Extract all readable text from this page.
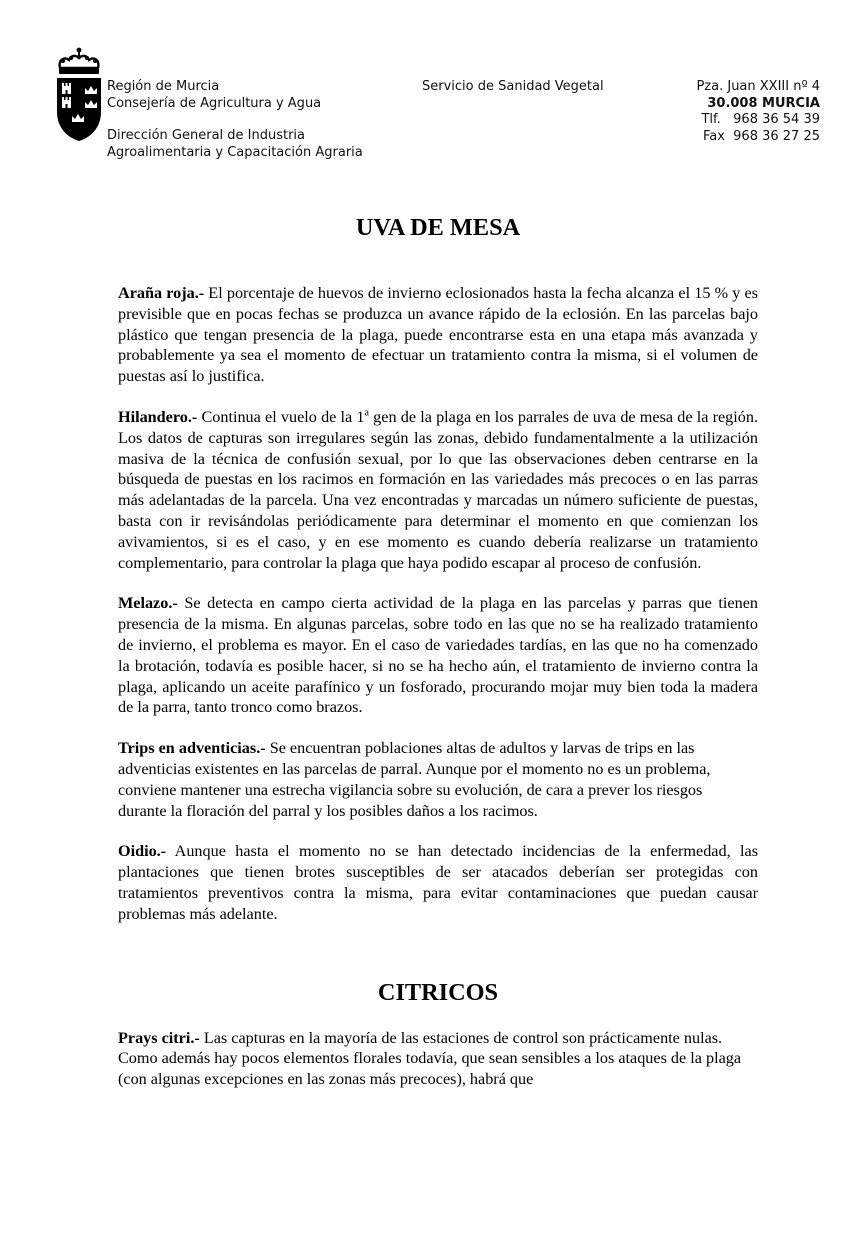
Región de Murcia
Consejería de Agricultura y Agua
Dirección General de Industria
Agroalimentaria y Capacitación Agraria
Servicio de Sanidad Vegetal	Pza. Juan XXIII nº 4
30.008 MURCIA
Tlf.   968 36 54 39
Fax  968 36 27 25
UVA DE MESA

Araña roja.- El porcentaje de huevos de invierno eclosionados hasta la fecha alcanza el 15 % y es previsible que en pocas fechas se produzca un avance rápido de la eclosión. En las parcelas bajo plástico que tengan presencia de la plaga, puede encontrarse esta en una etapa más avanzada y probablemente ya sea el momento de efectuar un tratamiento contra la misma, si el volumen de puestas así lo justifica.

Hilandero.- Continua el vuelo de la 1$^a$ gen de la plaga en los parrales de uva de mesa de la región. Los datos de capturas son irregulares según las zonas, debido fundamentalmente a la utilización masiva de la técnica de confusión sexual, por lo que las observaciones deben centrarse en la búsqueda de puestas en los racimos en formación en las variedades más precoces o en las parras más adelantadas de la parcela. Una vez encontradas y marcadas un número suficiente de puestas, basta con ir revisándolas periódicamente para determinar el momento en que comienzan los avivamientos, si es el caso, y en ese momento es cuando debería realizarse un tratamiento complementario, para controlar la plaga que haya podido escapar al proceso de confusión.

Melazo.- Se detecta en campo cierta actividad de la plaga en las parcelas y parras que tienen presencia de la misma. En algunas parcelas, sobre todo en las que no se ha realizado tratamiento de invierno, el problema es mayor. En el caso de variedades tardías, en las que no ha comenzado la brotación, todavía es posible hacer, si no se ha hecho aún, el tratamiento de invierno contra la plaga, aplicando un aceite parafínico y un fosforado, procurando mojar muy bien toda la madera de la parra, tanto tronco como brazos.

Trips en adventicias.- Se encuentran poblaciones altas de adultos y larvas de trips en las adventicias existentes en las parcelas de parral. Aunque por el momento no es un problema, conviene mantener una estrecha vigilancia sobre su evolución, de cara a prever los riesgos durante la floración del parral y los posibles daños a los racimos.

Oidio.- Aunque hasta el momento no se han detectado incidencias de la enfermedad, las plantaciones que tienen brotes susceptibles de ser atacados deberían ser protegidas con tratamientos preventivos contra la misma, para evitar contaminaciones que puedan causar problemas más adelante.

CITRICOS

Prays citri.- Las capturas en la mayoría de las estaciones de control son prácticamente nulas. Como además hay pocos elementos florales todavía, que sean sensibles a los ataques de la plaga (con algunas excepciones en las zonas más precoces), habrá que
